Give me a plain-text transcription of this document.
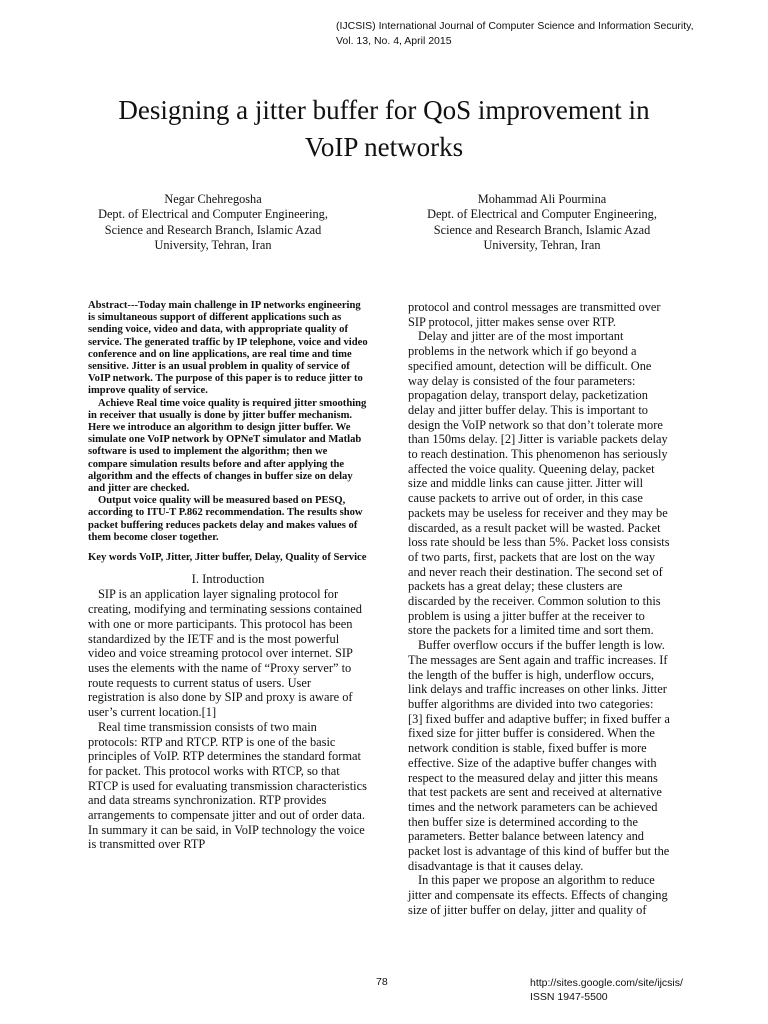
(IJCSIS) International Journal of Computer Science and Information Security,
Vol. 13, No. 4, April 2015
Designing a jitter buffer for QoS improvement in
VoIP networks
Negar Chehregosha
Dept. of Electrical and Computer Engineering,
Science and Research Branch, Islamic Azad
University, Tehran, Iran
Mohammad Ali Pourmina
Dept. of Electrical and Computer Engineering,
Science and Research Branch, Islamic Azad
University, Tehran, Iran

Abstract---Today main challenge in IP networks engineering is simultaneous support of different applications such as sending voice, video and data, with appropriate quality of service. The generated traffic by IP telephone, voice and video conference and on line applications, are real time and time sensitive. Jitter is an usual problem in quality of service of VoIP network. The purpose of this paper is to reduce jitter to improve quality of service.

Achieve Real time voice quality is required jitter smoothing in receiver that usually is done by jitter buffer mechanism. Here we introduce an algorithm to design jitter buffer. We simulate one VoIP network by OPNeT simulator and Matlab software is used to implement the algorithm; then we compare simulation results before and after applying the algorithm and the effects of changes in buffer size on delay and jitter are checked.

Output voice quality will be measured based on PESQ, according to ITU-T P.862 recommendation. The results show packet buffering reduces packets delay and makes values of them become closer together.

Key words VoIP, Jitter, Jitter buffer, Delay, Quality of Service

I. Introduction

SIP is an application layer signaling protocol for creating, modifying and terminating sessions contained with one or more participants. This protocol has been standardized by the IETF and is the most powerful video and voice streaming protocol over internet. SIP uses the elements with the name of “Proxy server” to route requests to current status of users. User registration is also done by SIP and proxy is aware of user’s current location.[1]

Real time transmission consists of two main protocols: RTP and RTCP. RTP is one of the basic principles of VoIP. RTP determines the standard format for packet. This protocol works with RTCP, so that RTCP is used for evaluating transmission characteristics and data streams synchronization. RTP provides arrangements to compensate jitter and out of order data. In summary it can be said, in VoIP technology the voice is transmitted over RTP

protocol and control messages are transmitted over SIP protocol, jitter makes sense over RTP.

Delay and jitter are of the most important problems in the network which if go beyond a specified amount, detection will be difficult. One way delay is consisted of the four parameters: propagation delay, transport delay, packetization delay and jitter buffer delay. This is important to design the VoIP network so that don’t tolerate more than 150ms delay. [2] Jitter is variable packets delay to reach destination. This phenomenon has seriously affected the voice quality. Queening delay, packet size and middle links can cause jitter. Jitter will cause packets to arrive out of order, in this case packets may be useless for receiver and they may be discarded, as a result packet will be wasted. Packet loss rate should be less than 5%. Packet loss consists of two parts, first, packets that are lost on the way and never reach their destination. The second set of packets has a great delay; these clusters are discarded by the receiver. Common solution to this problem is using a jitter buffer at the receiver to store the packets for a limited time and sort them.

Buffer overflow occurs if the buffer length is low. The messages are Sent again and traffic increases. If the length of the buffer is high, underflow occurs, link delays and traffic increases on other links. Jitter buffer algorithms are divided into two categories: [3] fixed buffer and adaptive buffer; in fixed buffer a fixed size for jitter buffer is considered. When the network condition is stable, fixed buffer is more effective. Size of the adaptive buffer changes with respect to the measured delay and jitter this means that test packets are sent and received at alternative times and the network parameters can be achieved then buffer size is determined according to the parameters. Better balance between latency and packet lost is advantage of this kind of buffer but the disadvantage is that it causes delay.

In this paper we propose an algorithm to reduce jitter and compensate its effects. Effects of changing size of jitter buffer on delay, jitter and quality of

78	http://sites.google.com/site/ijcsis/
ISSN 1947-5500
